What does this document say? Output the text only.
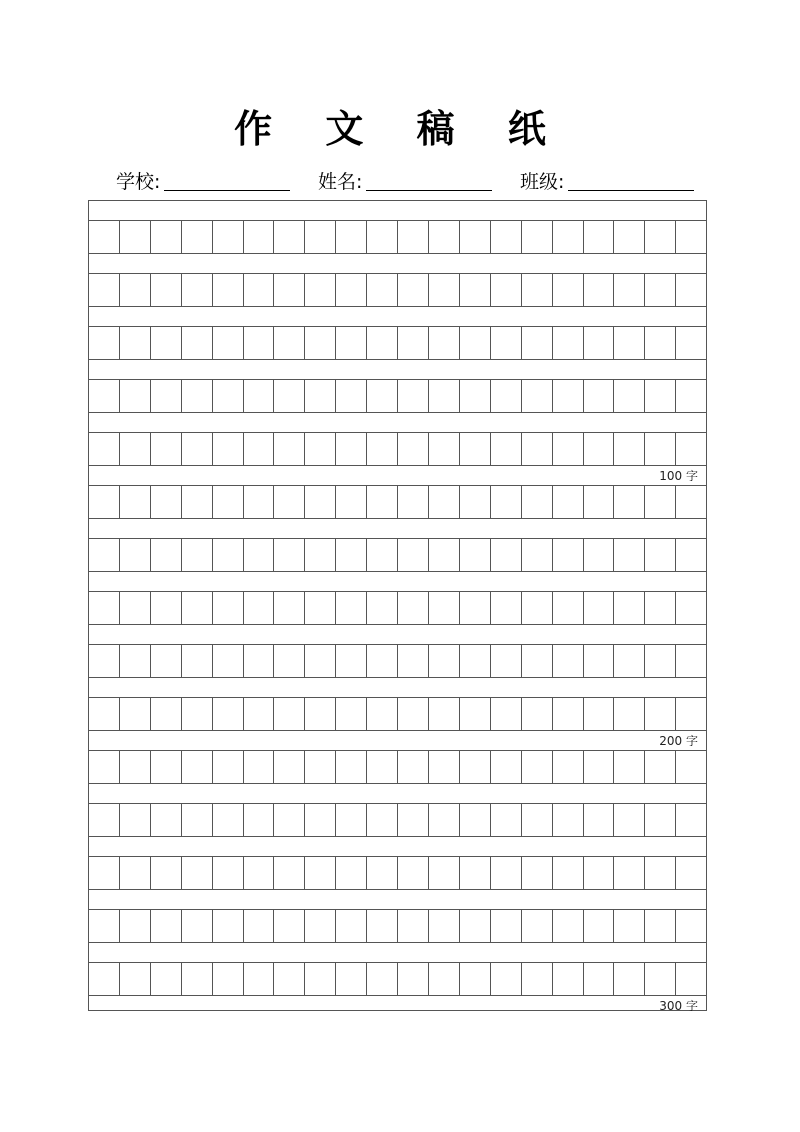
作 文 稿 纸
学校:	姓名:	班级:
100 字
200 字
300 字
